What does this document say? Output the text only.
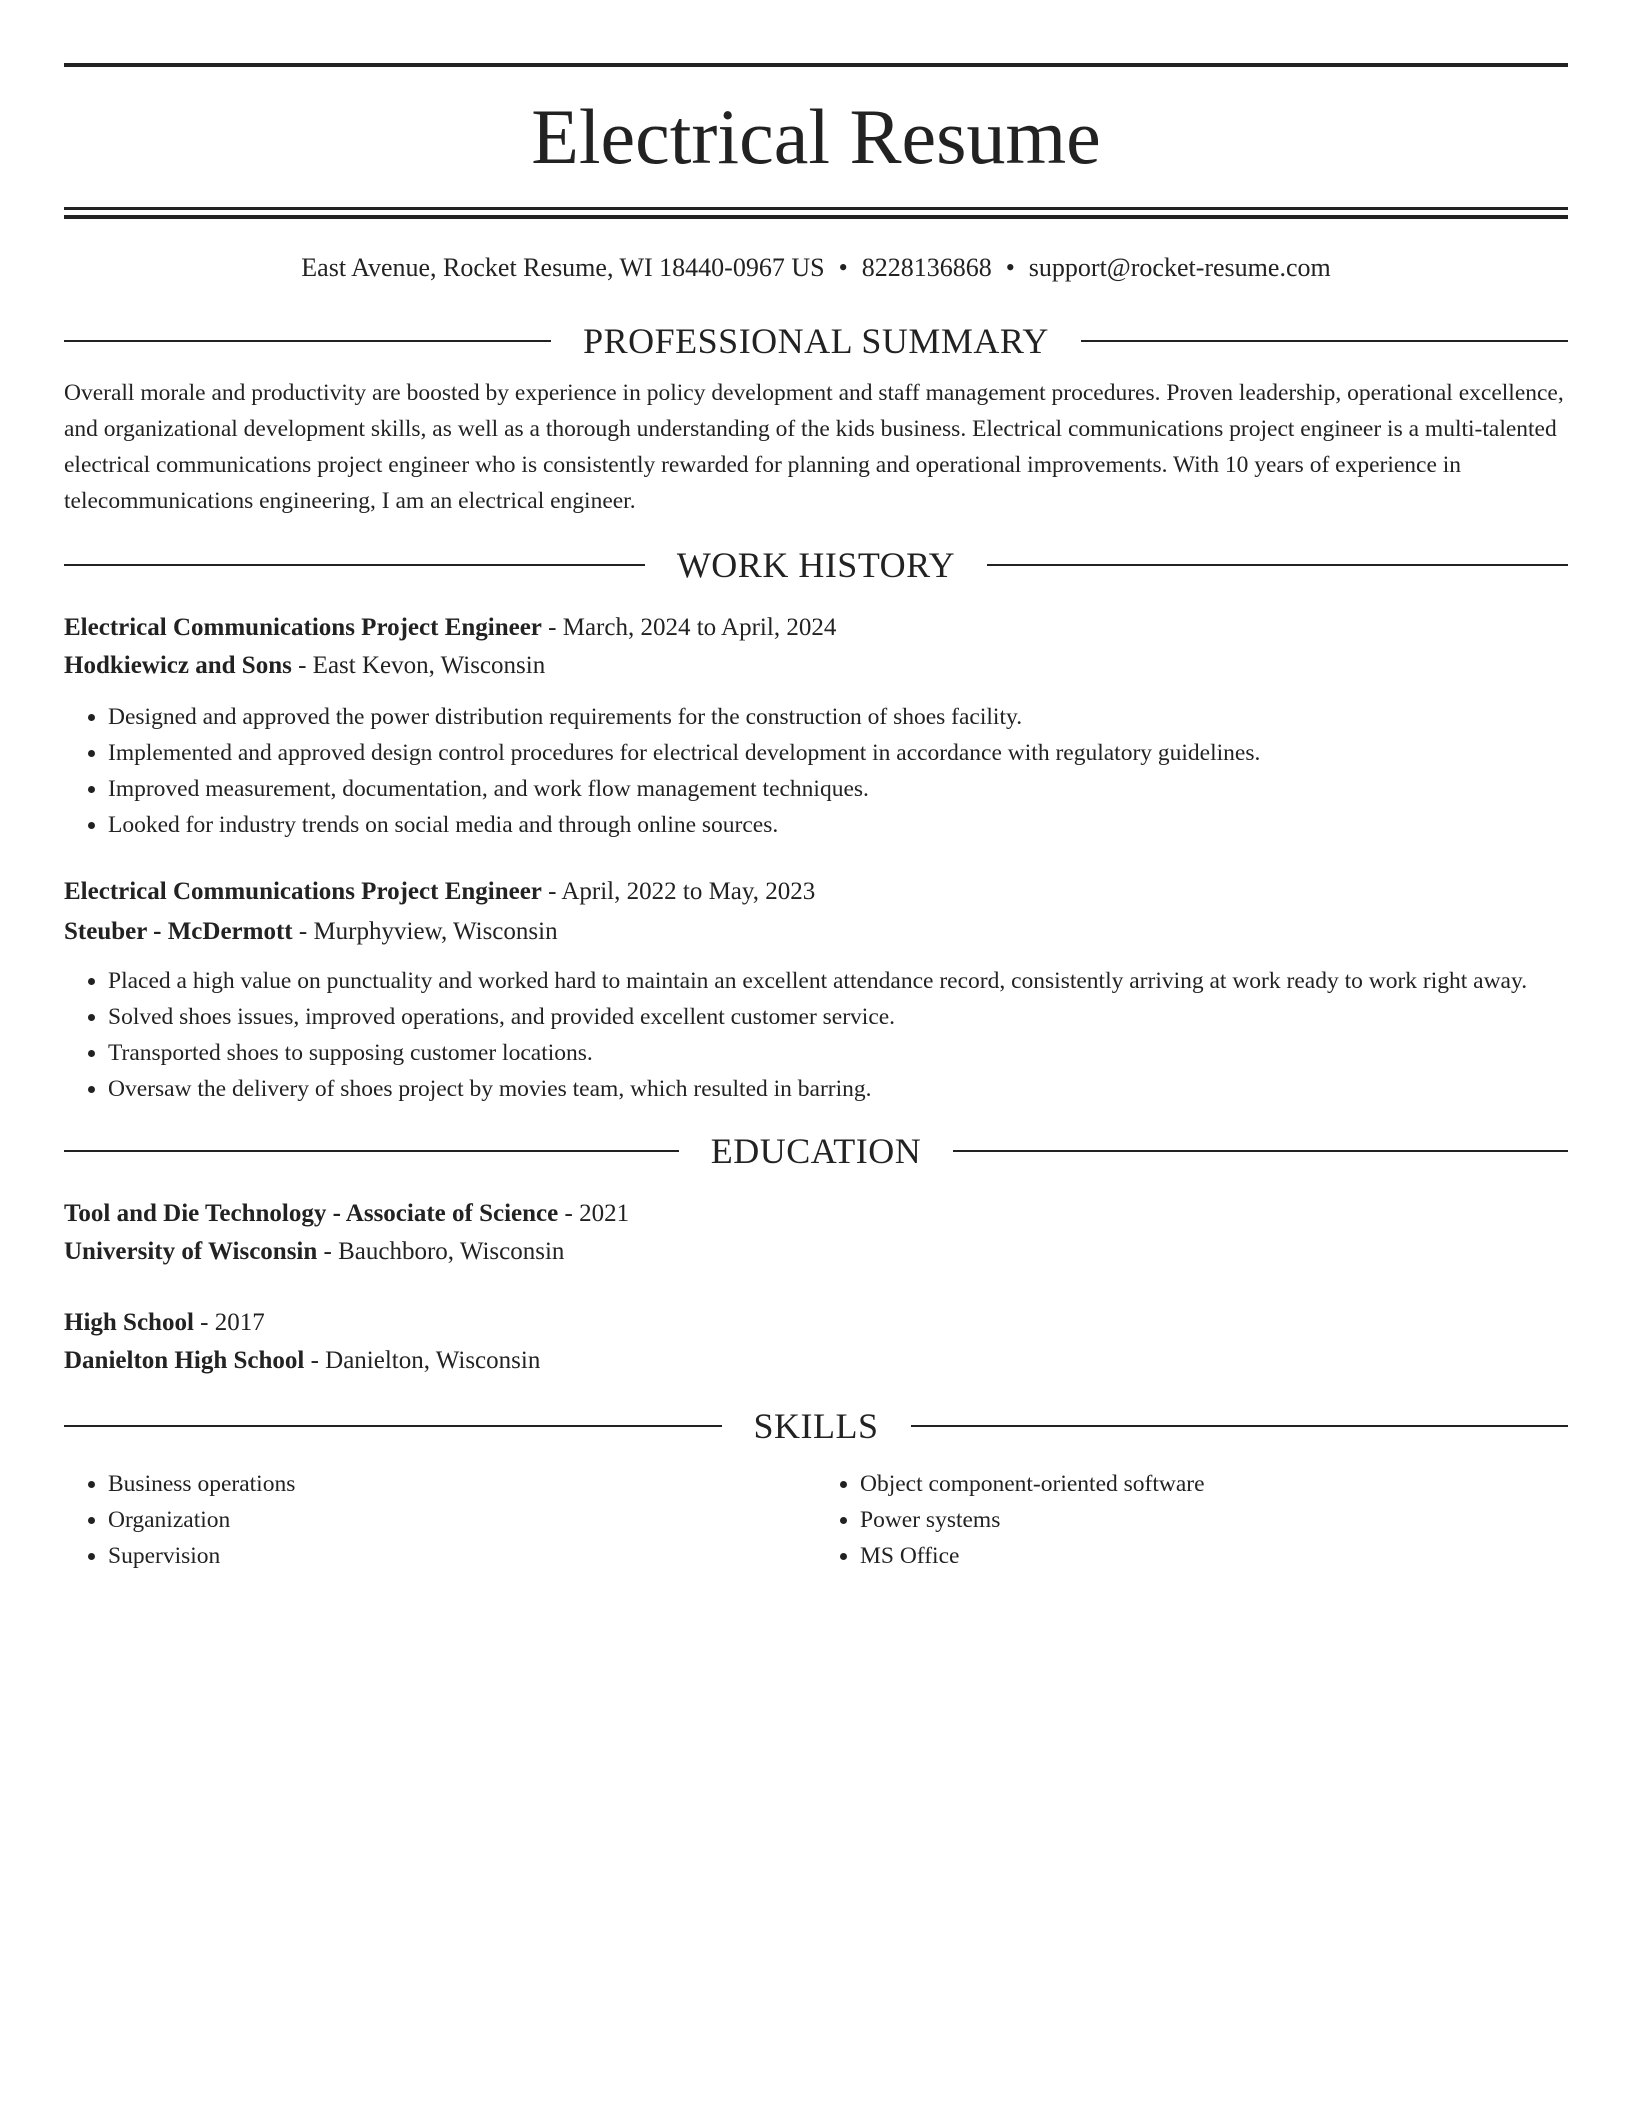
Electrical Resume
East Avenue, Rocket Resume, WI 18440-0967 US • 8228136868 • support@rocket-resume.com
PROFESSIONAL SUMMARY

Overall morale and productivity are boosted by experience in policy development and staff management procedures. Proven leadership, operational excellence, and organizational development skills, as well as a thorough understanding of the kids business. Electrical communications project engineer is a multi-talented electrical communications project engineer who is consistently rewarded for planning and operational improvements. With 10 years of experience in telecommunications engineering, I am an electrical engineer.

WORK HISTORY

Electrical Communications Project Engineer - March, 2024 to April, 2024

Hodkiewicz and Sons - East Kevon, Wisconsin

• Designed and approved the power distribution requirements for the construction of shoes facility.
• Implemented and approved design control procedures for electrical development in accordance with regulatory guidelines.
• Improved measurement, documentation, and work flow management techniques.
• Looked for industry trends on social media and through online sources.

Electrical Communications Project Engineer - April, 2022 to May, 2023

Steuber - McDermott - Murphyview, Wisconsin

• Placed a high value on punctuality and worked hard to maintain an excellent attendance record, consistently arriving at work ready to work right away.
• Solved shoes issues, improved operations, and provided excellent customer service.
• Transported shoes to supposing customer locations.
• Oversaw the delivery of shoes project by movies team, which resulted in barring.
EDUCATION

Tool and Die Technology - Associate of Science - 2021

University of Wisconsin - Bauchboro, Wisconsin

High School - 2017

Danielton High School - Danielton, Wisconsin

SKILLS
• Business operations
• Organization
• Supervision
• Object component-oriented software
• Power systems
• MS Office
